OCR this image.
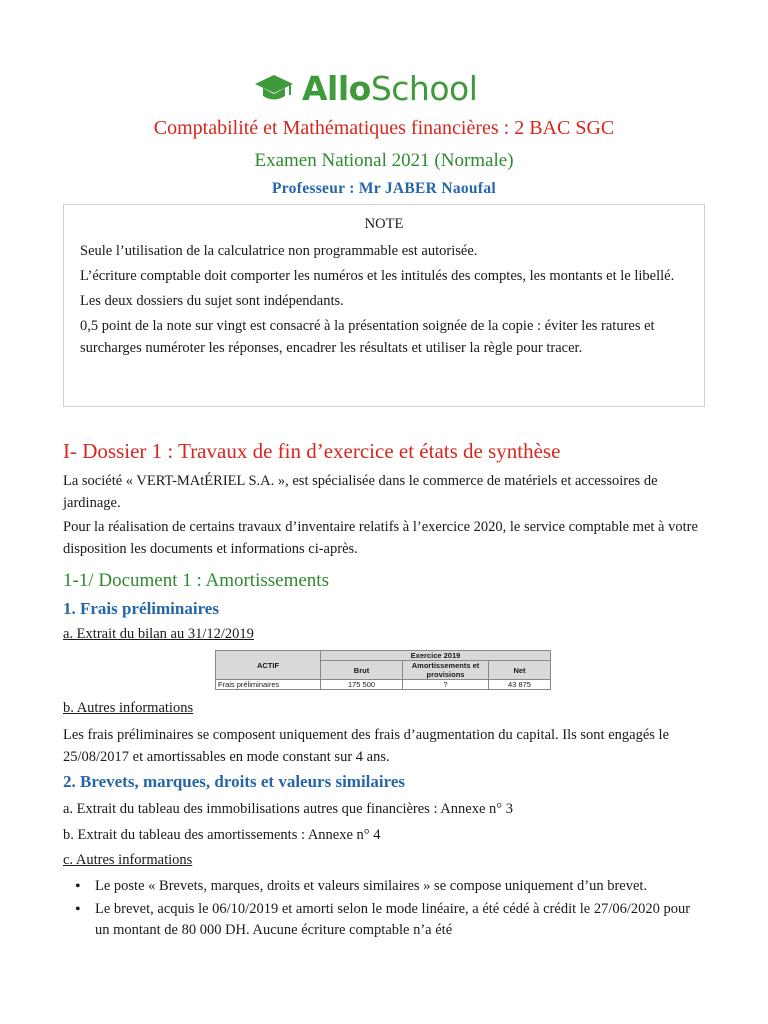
AlloSchool
Comptabilité et Mathématiques financières : 2 BAC SGC
Examen National 2021 (Normale)
Professeur : Mr JABER Naoufal
NOTE

Seule l’utilisation de la calculatrice non programmable est autorisée.

L’écriture comptable doit comporter les numéros et les intitulés des comptes, les montants et le libellé.

Les deux dossiers du sujet sont indépendants.

0,5 point de la note sur vingt est consacré à la présentation soignée de la copie : éviter les ratures et surcharges numéroter les réponses, encadrer les résultats et utiliser la règle pour tracer.

I- Dossier 1 : Travaux de fin d’exercice et états de synthèse
La société « VERT-MAtÉRIEL S.A. », est spécialisée dans le commerce de matériels et accessoires de jardinage.
Pour la réalisation de certains travaux d’inventaire relatifs à l’exercice 2020, le service comptable met à votre disposition les documents et informations ci-après.
1-1/ Document 1 : Amortissements
1. Frais préliminaires
a. Extrait du bilan au 31/12/2019
ACTIF	Exercice 2019		
	Brut	Amortissements et provisions	Net
Frais préliminaires	175 500	?	43 875
b. Autres informations
Les frais préliminaires se composent uniquement des frais d’augmentation du capital. Ils sont engagés le 25/08/2017 et amortissables en mode constant sur 4 ans.
2. Brevets, marques, droits et valeurs similaires
a. Extrait du tableau des immobilisations autres que financières : Annexe n° 3
b. Extrait du tableau des amortissements : Annexe n° 4
c. Autres informations
• Le poste « Brevets, marques, droits et valeurs similaires » se compose uniquement d’un brevet.
• Le brevet, acquis le 06/10/2019 et amorti selon le mode linéaire, a été cédé à crédit le 27/06/2020 pour un montant de 80 000 DH. Aucune écriture comptable n’a été
